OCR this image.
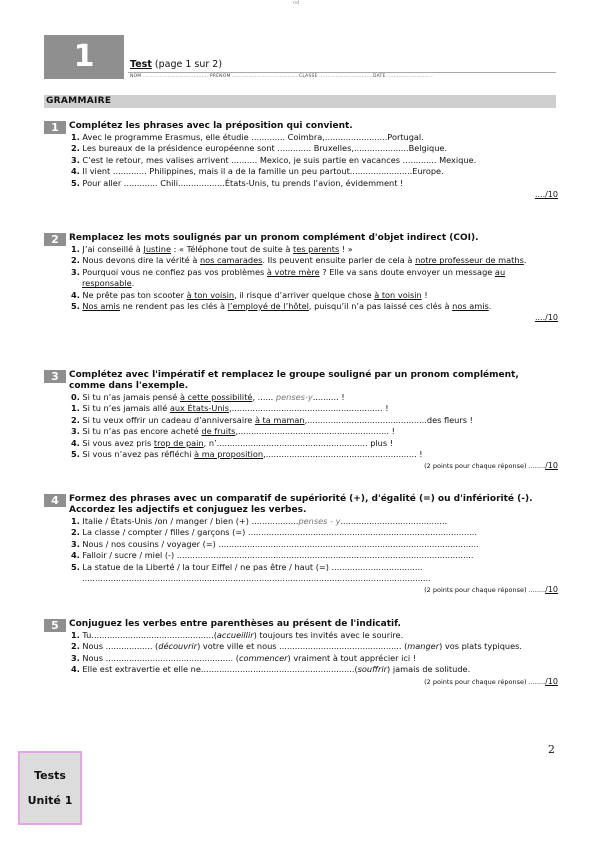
nd
1	Test (page 1 sur 2)
NOM ........................................ PRÉNOM ........................................ CLASSE ................................ DATE ............................
GRAMMAIRE
1	Complétez les phrases avec la préposition qui convient.
1. Avec le programme Erasmus, elle étudie ............. Coimbra,........................Portugal.
2. Les bureaux de la présidence européenne sont ............. Bruxelles,.....................Belgique.
3. C’est le retour, mes valises arrivent .......... Mexico, je suis partie en vacances ............. Mexique.
4. Il vient ............. Philippines, mais il a de la famille un peu partout........................Europe.
5. Pour aller ............. Chili..................États-Unis, tu prends l’avion, évidemment !
..../10
2	Remplacez les mots soulignés par un pronom complément d'objet indirect (COI).
1. J’ai conseillé à Justine : « Téléphone tout de suite à tes parents ! »
2. Nous devons dire la vérité à nos camarades. Ils peuvent ensuite parler de cela à notre professeur de maths.
3. Pourquoi vous ne confiez pas vos problèmes à votre mère ? Elle va sans doute envoyer un message au responsable.
4. Ne prête pas ton scooter à ton voisin, il risque d’arriver quelque chose à ton voisin !
5. Nos amis ne rendent pas les clés à l’employé de l’hôtel, puisqu’il n’a pas laissé ces clés à nos amis.
..../10
3	Complétez avec l'impératif et remplacez le groupe souligné par un pronom complément, comme dans l'exemple.
0. Si tu n’as jamais pensé à cette possibilité, ...... penses-y.......... !
1. Si tu n’es jamais allé aux États-Unis,.......................................................... !
2. Si tu veux offrir un cadeau d’anniversaire à ta maman,..............................................des fleurs !
3. Si tu n’as pas encore acheté de fruits,.......................................................... !
4. Si vous avez pris trop de pain, n’.......................................................... plus !
5. Si vous n’avez pas réfléchi à ma proposition,.......................................................... !
(2 points pour chaque réponse) ......../10
4	Formez des phrases avec un comparatif de supériorité (+), d'égalité (=) ou d'infériorité (-). Accordez les adjectifs et conjuguez les verbes.
1. Italie / États-Unis /on / manger / bien (+) ..................penses - y.........................................
2. La classe / compter / filles / garçons (=) ........................................................................................
3. Nous / nos cousins / voyager (=) ....................................................................................................
4. Falloir / sucre / miel (-) ..................................................................................................................
5. La statue de la Liberté / la tour Eiffel / ne pas être / haut (=) ................................... ......................................................................................................................................
(2 points pour chaque réponse) ......../10
5	Conjuguez les verbes entre parenthèses au présent de l'indicatif.
1. Tu...............................................(accueillir) toujours tes invités avec le sourire.
2. Nous .................. (découvrir) votre ville et nous ............................................... (manger) vos plats typiques.
3. Nous ................................................. (commencer) vraiment à tout apprécier ici !
4. Elle est extravertie et elle ne...........................................................(souffrir) jamais de solitude.
(2 points pour chaque réponse) ......../10
2
Tests
Unité 1
